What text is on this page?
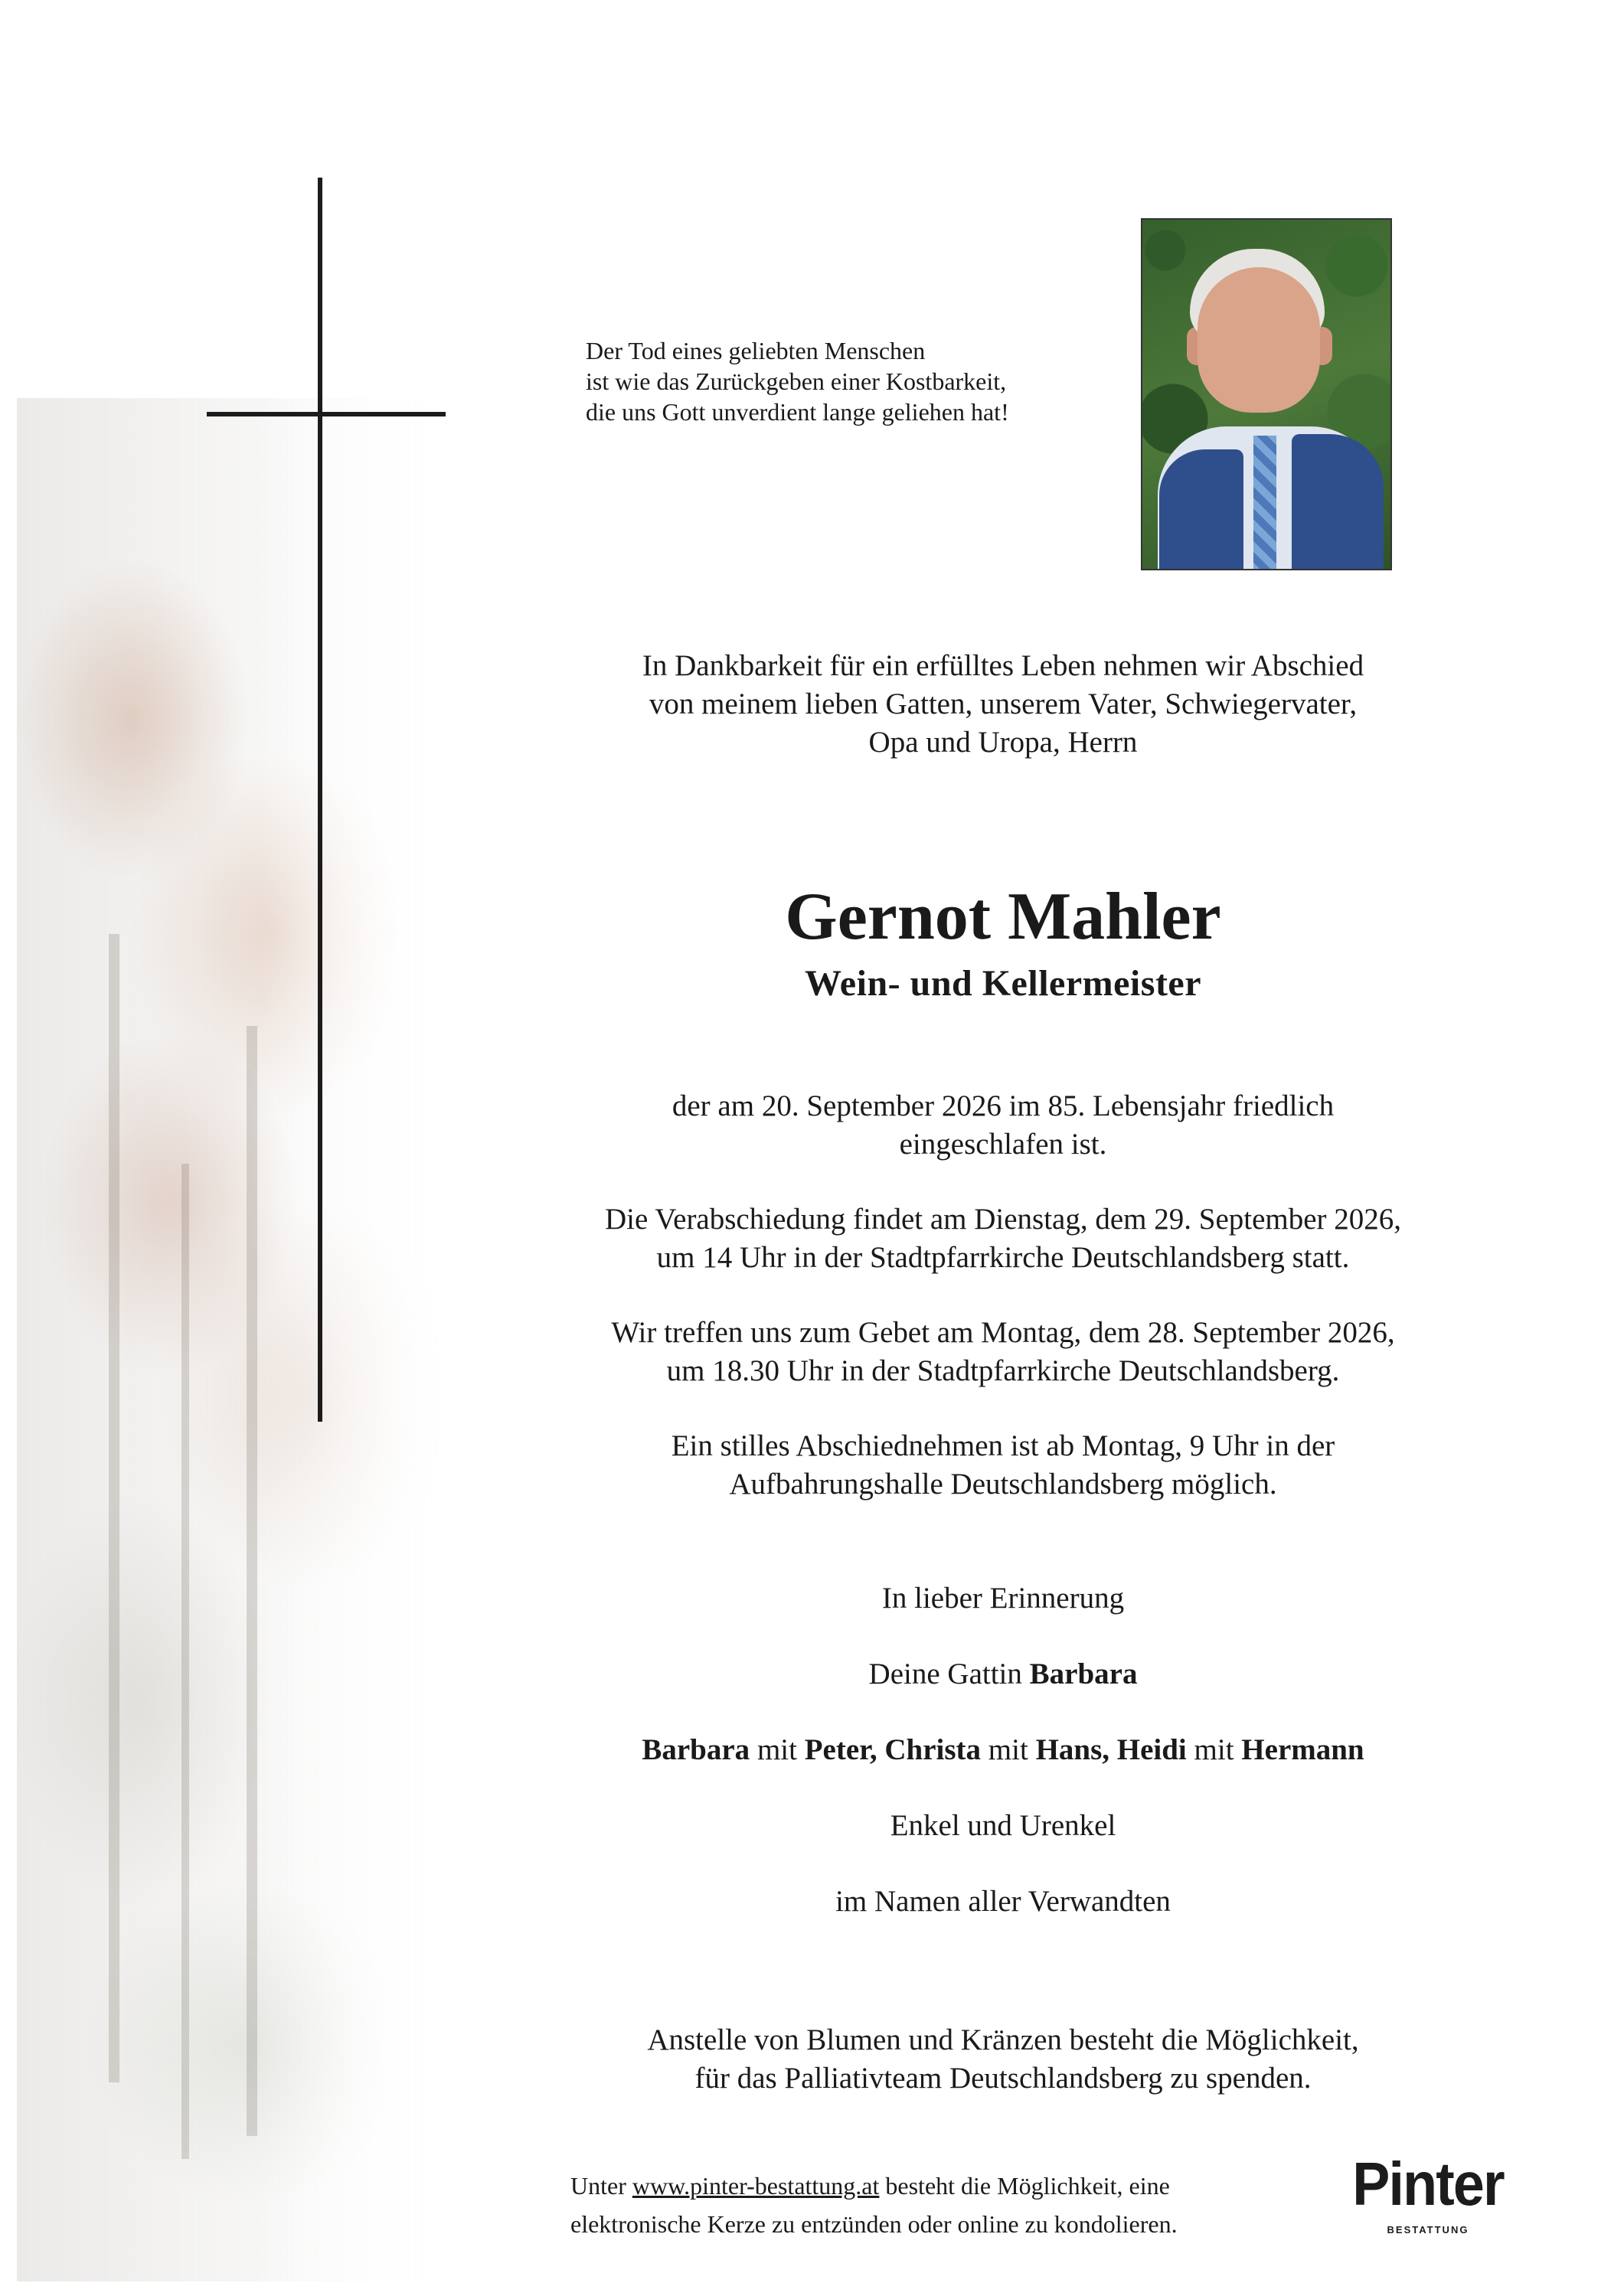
Der Tod eines geliebten Menschen
ist wie das Zurückgeben einer Kostbarkeit,
die uns Gott unverdient lange geliehen hat!
In Dankbarkeit für ein erfülltes Leben nehmen wir Abschied
von meinem lieben Gatten, unserem Vater, Schwiegervater,
Opa und Uropa, Herrn
Gernot Mahler
Wein- und Kellermeister
der am 20. September 2026 im 85. Lebensjahr friedlich
eingeschlafen ist.
Die Verabschiedung findet am Dienstag, dem 29. September 2026,
um 14 Uhr in der Stadtpfarrkirche Deutschlandsberg statt.
Wir treffen uns zum Gebet am Montag, dem 28. September 2026,
um 18.30 Uhr in der Stadtpfarrkirche Deutschlandsberg.
Ein stilles Abschiednehmen ist ab Montag, 9 Uhr in der
Aufbahrungshalle Deutschlandsberg möglich.
In lieber Erinnerung
Deine Gattin Barbara
Barbara mit Peter, Christa mit Hans, Heidi mit Hermann
Enkel und Urenkel
im Namen aller Verwandten
Anstelle von Blumen und Kränzen besteht die Möglichkeit,
für das Palliativteam Deutschlandsberg zu spenden.
Unter www.pinter-bestattung.at besteht die Möglichkeit, eine
elektronische Kerze zu entzünden oder online zu kondolieren.
Pinter
BESTATTUNG
